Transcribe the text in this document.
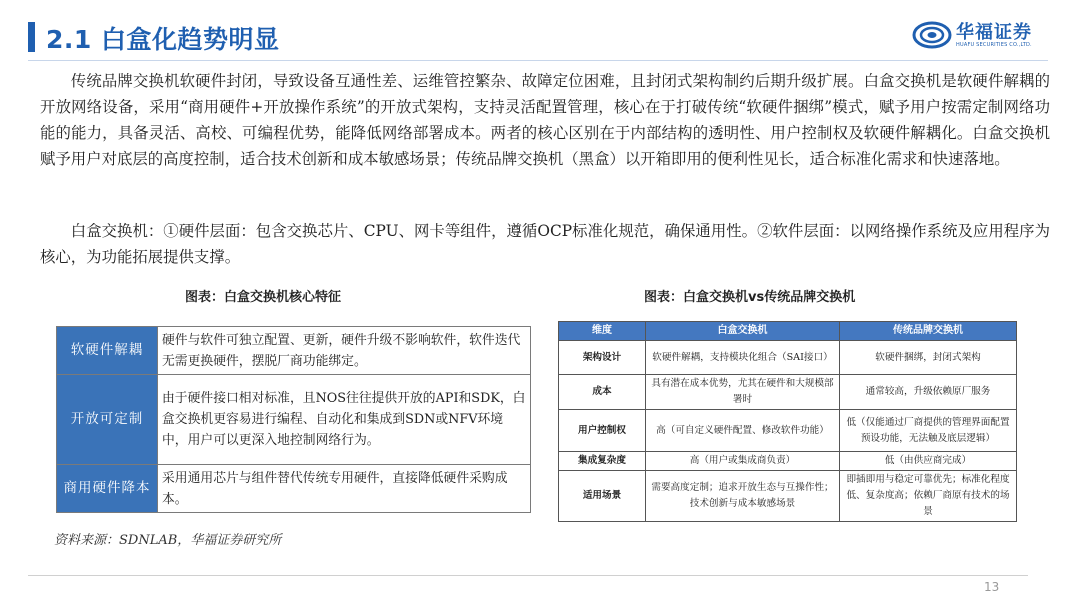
2.1 白盒化趋势明显	华福证券
HUAFU SECURITIES CO.,LTD.

传统品牌交换机软硬件封闭，导致设备互通性差、运维管控繁杂、故障定位困难，且封闭式架构制约后期升级扩展。白盒交换机是软硬件解耦的开放网络设备，采用“商用硬件+开放操作系统”的开放式架构，支持灵活配置管理，核心在于打破传统“软硬件捆绑”模式，赋予用户按需定制网络功能的能力，具备灵活、高校、可编程优势，能降低网络部署成本。两者的核心区别在于内部结构的透明性、用户控制权及软硬件解耦化。白盒交换机赋予用户对底层的高度控制，适合技术创新和成本敏感场景；传统品牌交换机（黑盒）以开箱即用的便利性见长，适合标准化需求和快速落地。

白盒交换机：①硬件层面：包含交换芯片、CPU、网卡等组件，遵循OCP标准化规范，确保通用性。②软件层面：以网络操作系统及应用程序为核心，为功能拓展提供支撑。

图表：白盒交换机核心特征	图表：白盒交换机vs传统品牌交换机
软硬件解耦	硬件与软件可独立配置、更新，硬件升级不影响软件，软件迭代无需更换硬件，摆脱厂商功能绑定。
开放可定制	由于硬件接口相对标准，且NOS往往提供开放的API和SDK，白盒交换机更容易进行编程、自动化和集成到SDN或NFV环境中，用户可以更深入地控制网络行为。
商用硬件降本	采用通用芯片与组件替代传统专用硬件，直接降低硬件采购成本。
维度	白盒交换机	传统品牌交换机
架构设计	软硬件解耦，支持模块化组合（SAI接口）	软硬件捆绑，封闭式架构
成本	具有潜在成本优势，尤其在硬件和大规模部署时	通常较高，升级依赖原厂服务
用户控制权	高（可自定义硬件配置、修改软件功能）	低（仅能通过厂商提供的管理界面配置预设功能，无法触及底层逻辑）
集成复杂度	高（用户或集成商负责）	低（由供应商完成）
适用场景	需要高度定制；追求开放生态与互操作性；技术创新与成本敏感场景	即插即用与稳定可靠优先；标准化程度低、复杂度高；依赖厂商原有技术的场景
资料来源：SDNLAB，华福证券研究所
13
